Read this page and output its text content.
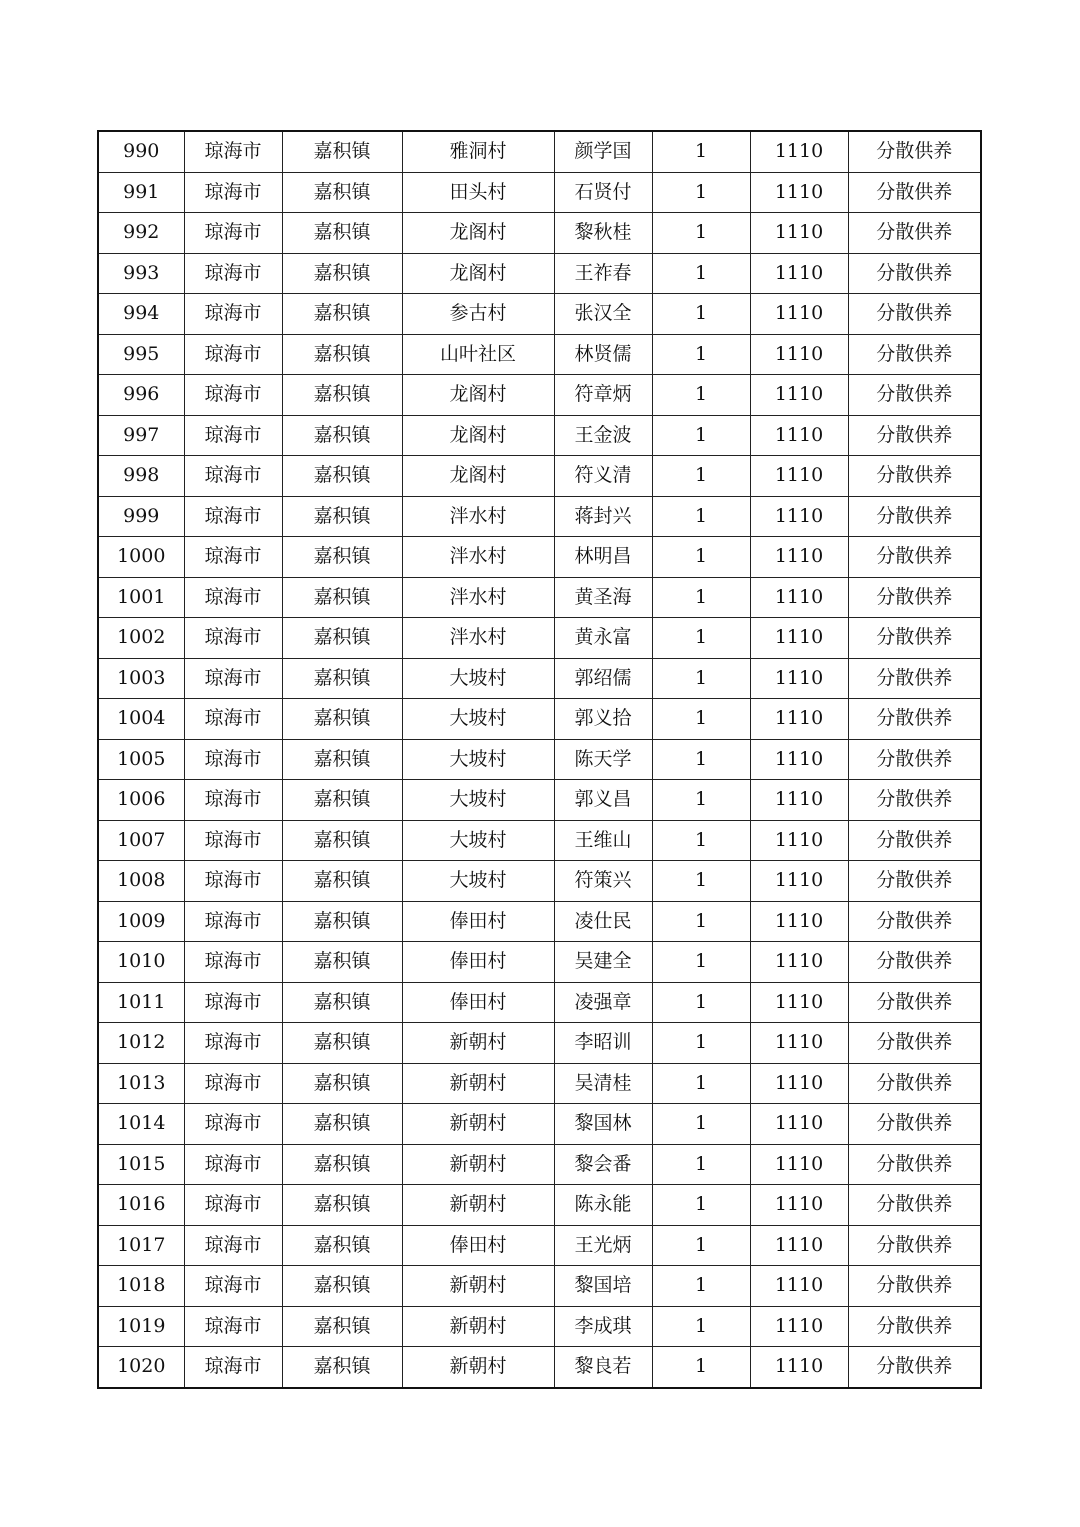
990	琼海市	嘉积镇	雅洞村	颜学国	1	1110	分散供养
991	琼海市	嘉积镇	田头村	石贤付	1	1110	分散供养
992	琼海市	嘉积镇	龙阁村	黎秋桂	1	1110	分散供养
993	琼海市	嘉积镇	龙阁村	王祚春	1	1110	分散供养
994	琼海市	嘉积镇	参古村	张汉全	1	1110	分散供养
995	琼海市	嘉积镇	山叶社区	林贤儒	1	1110	分散供养
996	琼海市	嘉积镇	龙阁村	符章炳	1	1110	分散供养
997	琼海市	嘉积镇	龙阁村	王金波	1	1110	分散供养
998	琼海市	嘉积镇	龙阁村	符义清	1	1110	分散供养
999	琼海市	嘉积镇	泮水村	蒋封兴	1	1110	分散供养
1000	琼海市	嘉积镇	泮水村	林明昌	1	1110	分散供养
1001	琼海市	嘉积镇	泮水村	黄圣海	1	1110	分散供养
1002	琼海市	嘉积镇	泮水村	黄永富	1	1110	分散供养
1003	琼海市	嘉积镇	大坡村	郭绍儒	1	1110	分散供养
1004	琼海市	嘉积镇	大坡村	郭义拾	1	1110	分散供养
1005	琼海市	嘉积镇	大坡村	陈天学	1	1110	分散供养
1006	琼海市	嘉积镇	大坡村	郭义昌	1	1110	分散供养
1007	琼海市	嘉积镇	大坡村	王维山	1	1110	分散供养
1008	琼海市	嘉积镇	大坡村	符策兴	1	1110	分散供养
1009	琼海市	嘉积镇	俸田村	凌仕民	1	1110	分散供养
1010	琼海市	嘉积镇	俸田村	吴建全	1	1110	分散供养
1011	琼海市	嘉积镇	俸田村	凌强章	1	1110	分散供养
1012	琼海市	嘉积镇	新朝村	李昭训	1	1110	分散供养
1013	琼海市	嘉积镇	新朝村	吴清桂	1	1110	分散供养
1014	琼海市	嘉积镇	新朝村	黎国林	1	1110	分散供养
1015	琼海市	嘉积镇	新朝村	黎会番	1	1110	分散供养
1016	琼海市	嘉积镇	新朝村	陈永能	1	1110	分散供养
1017	琼海市	嘉积镇	俸田村	王光炳	1	1110	分散供养
1018	琼海市	嘉积镇	新朝村	黎国培	1	1110	分散供养
1019	琼海市	嘉积镇	新朝村	李成琪	1	1110	分散供养
1020	琼海市	嘉积镇	新朝村	黎良若	1	1110	分散供养
